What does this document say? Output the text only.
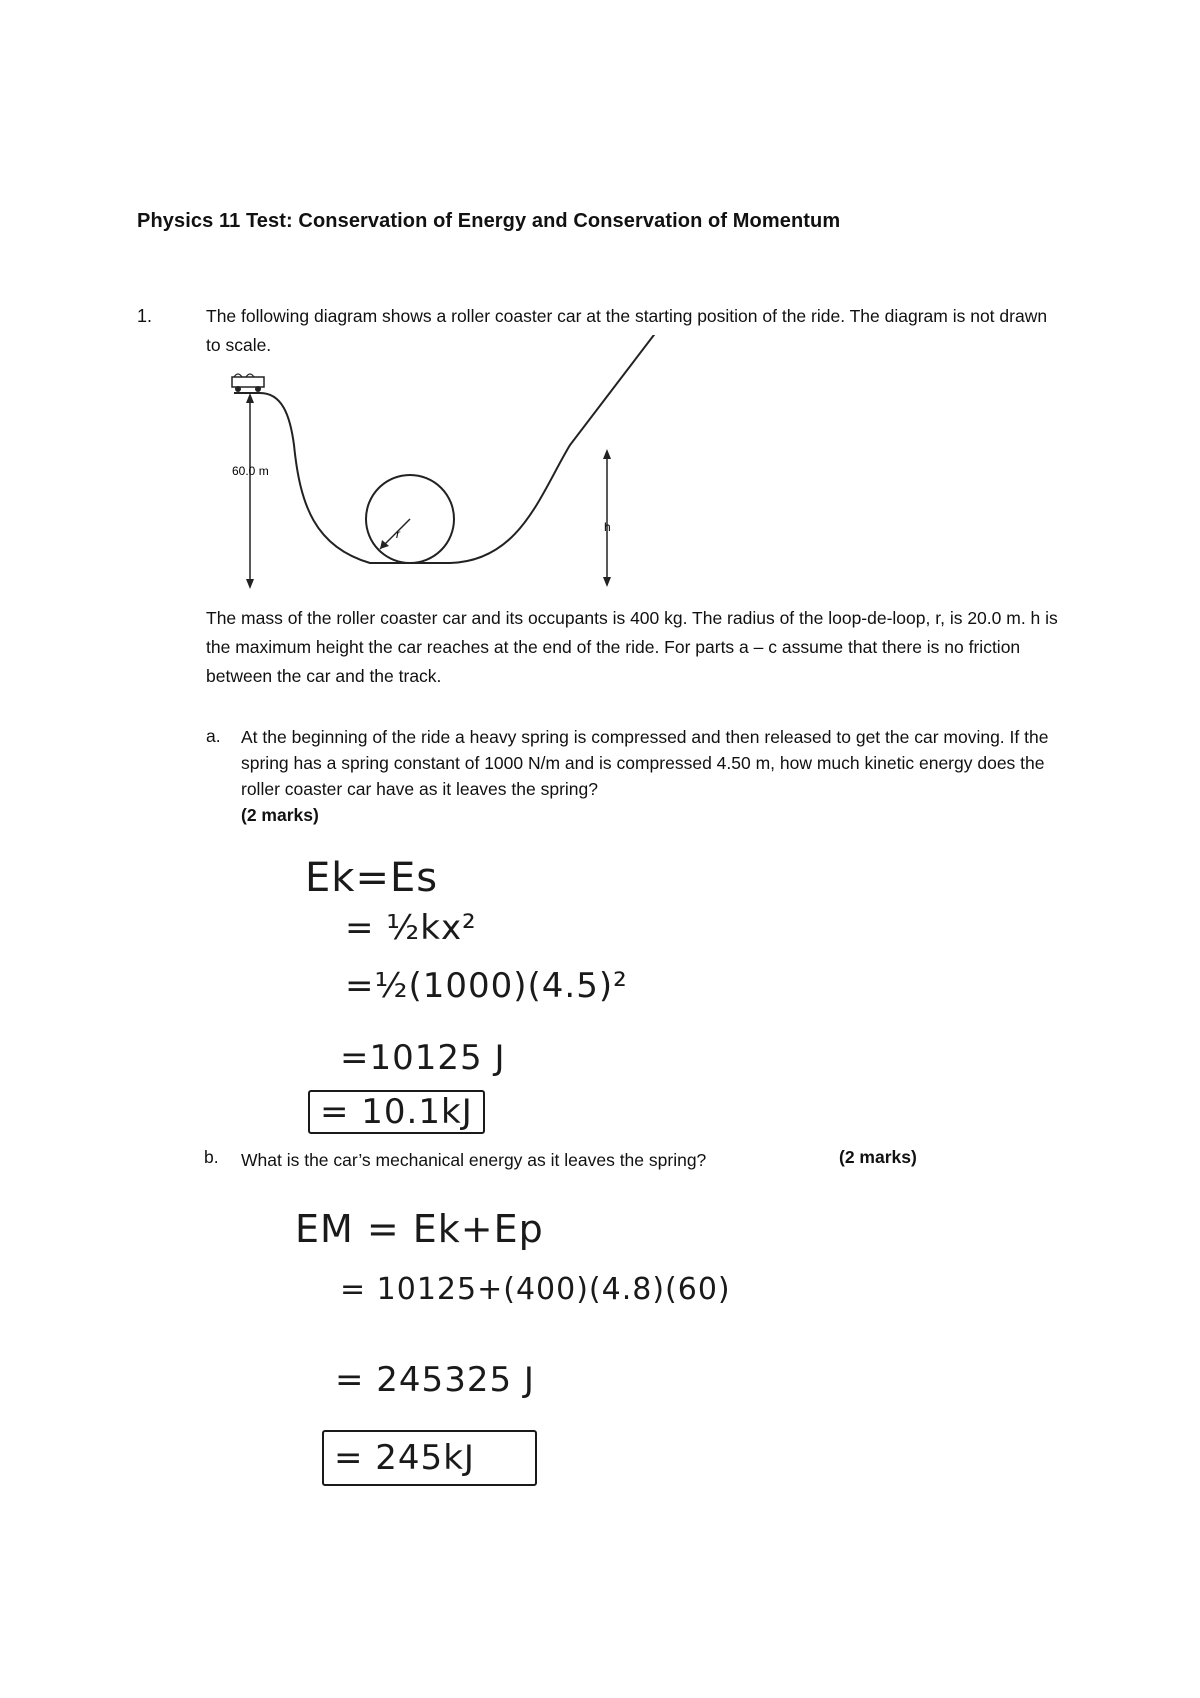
Physics 11 Test: Conservation of Energy and Conservation of Momentum
1.	The following diagram shows a roller coaster car at the starting position of the ride. The diagram is not drawn to scale.
r
60.0 m
h
The mass of the roller coaster car and its occupants is 400 kg. The radius of the loop-de-loop, r, is 20.0 m. h is the maximum height the car reaches at the end of the ride. For parts a – c assume that there is no friction between the car and the track.
a. At the beginning of the ride a heavy spring is compressed and then released to get the car moving. If the spring has a spring constant of 1000 N/m and is compressed 4.50 m, how much kinetic energy does the roller coaster car have as it leaves the spring?
(2 marks)
Ek=Es
= ½kx²
=½(1000)(4.5)²
=10125 J
= 10.1kJ
b. What is the car’s mechanical energy as it leaves the spring?	(2 marks)
EM = Ek+Ep
= 10125+(400)(4.8)(60)
= 245325 J
= 245kJ
